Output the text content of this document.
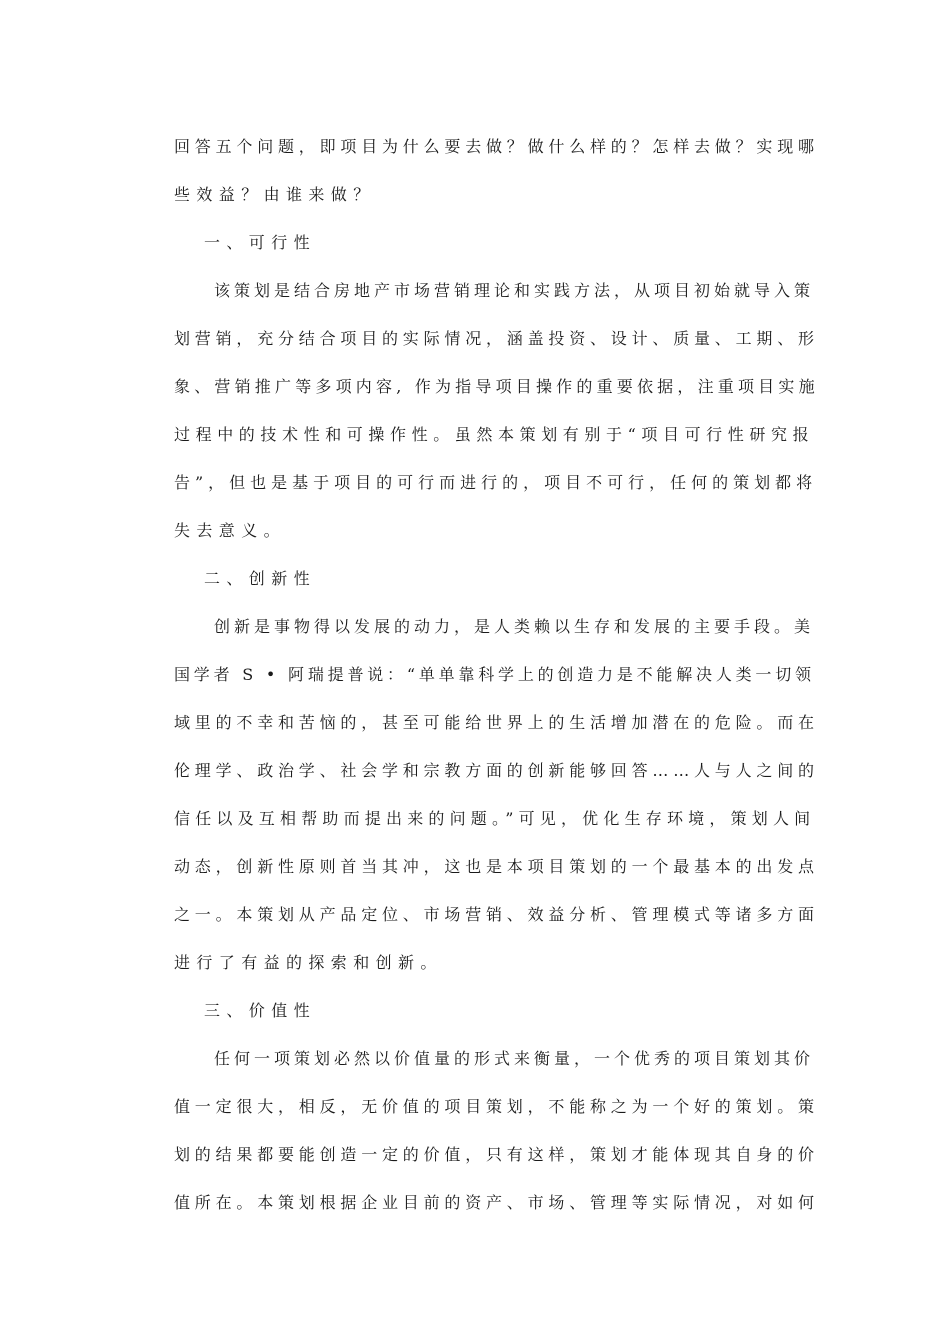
回答五个问题，即项目为什么要去做？做什么样的？怎样去做？实现哪
些效益？由谁来做？
一、可行性
该策划是结合房地产市场营销理论和实践方法，从项目初始就导入策
划营销，充分结合项目的实际情况，涵盖投资、设计、质量、工期、形
象、营销推广等多项内容, 作为指导项目操作的重要依据，注重项目实施
过程中的技术性和可操作性。虽然本策划有别于“项目可行性研究报
告”，但也是基于项目的可行而进行的，项目不可行，任何的策划都将
失去意义。
二、创新性
创新是事物得以发展的动力，是人类赖以生存和发展的主要手段。美
国学者 S • 阿瑞提普说：“单单靠科学上的创造力是不能解决人类一切领
域里的不幸和苦恼的，甚至可能给世界上的生活增加潜在的危险。而在
伦理学、政治学、社会学和宗教方面的创新能够回答……人与人之间的
信任以及互相帮助而提出来的问题。”可见，优化生存环境，策划人间
动态，创新性原则首当其冲，这也是本项目策划的一个最基本的出发点
之一。本策划从产品定位、市场营销、效益分析、管理模式等诸多方面
进行了有益的探索和创新。
三、价值性
任何一项策划必然以价值量的形式来衡量，一个优秀的项目策划其价
值一定很大，相反，无价值的项目策划，不能称之为一个好的策划。策
划的结果都要能创造一定的价值，只有这样，策划才能体现其自身的价
值所在。本策划根据企业目前的资产、市场、管理等实际情况，对如何
